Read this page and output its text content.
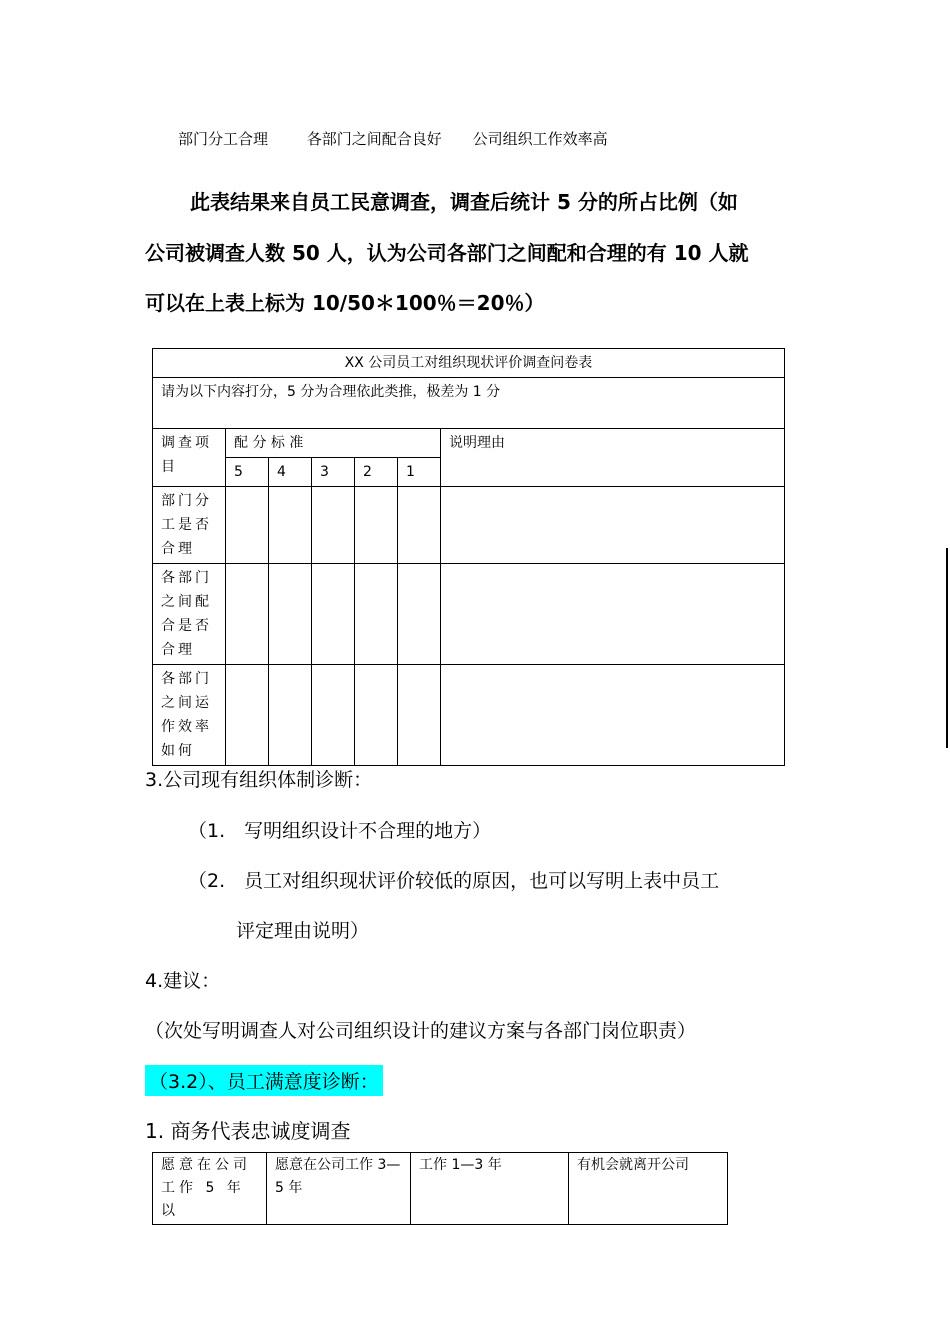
部门分工合理	各部门之间配合良好 公司组织工作效率高
此表结果来自员工民意调查，调查后统计 5 分的所占比例（如
公司被调查人数 50 人，认为公司各部门之间配和合理的有 10 人就
可以在上表上标为 10/50＊100％＝20％）
XX 公司员工对组织现状评价调查问卷表						
请为以下内容打分，5 分为合理依此类推，极差为 1 分						
调查项目	配 分 标 准					说明理由
	5	4	3	2	1	
部门分工是否合理						
各部门之间配合是否合理						
各部门之间运作效率如何						
3.公司现有组织体制诊断：
（1.　写明组织设计不合理的地方）
（2.　员工对组织现状评价较低的原因，也可以写明上表中员工
评定理由说明）
4.建议：
（次处写明调查人对公司组织设计的建议方案与各部门岗位职责）
（3.2）、员工满意度诊断：
1. 商务代表忠诚度调查
愿意在公司工作 5 年以	愿意在公司工作 3—5 年	工作 1—3 年	有机会就离开公司
